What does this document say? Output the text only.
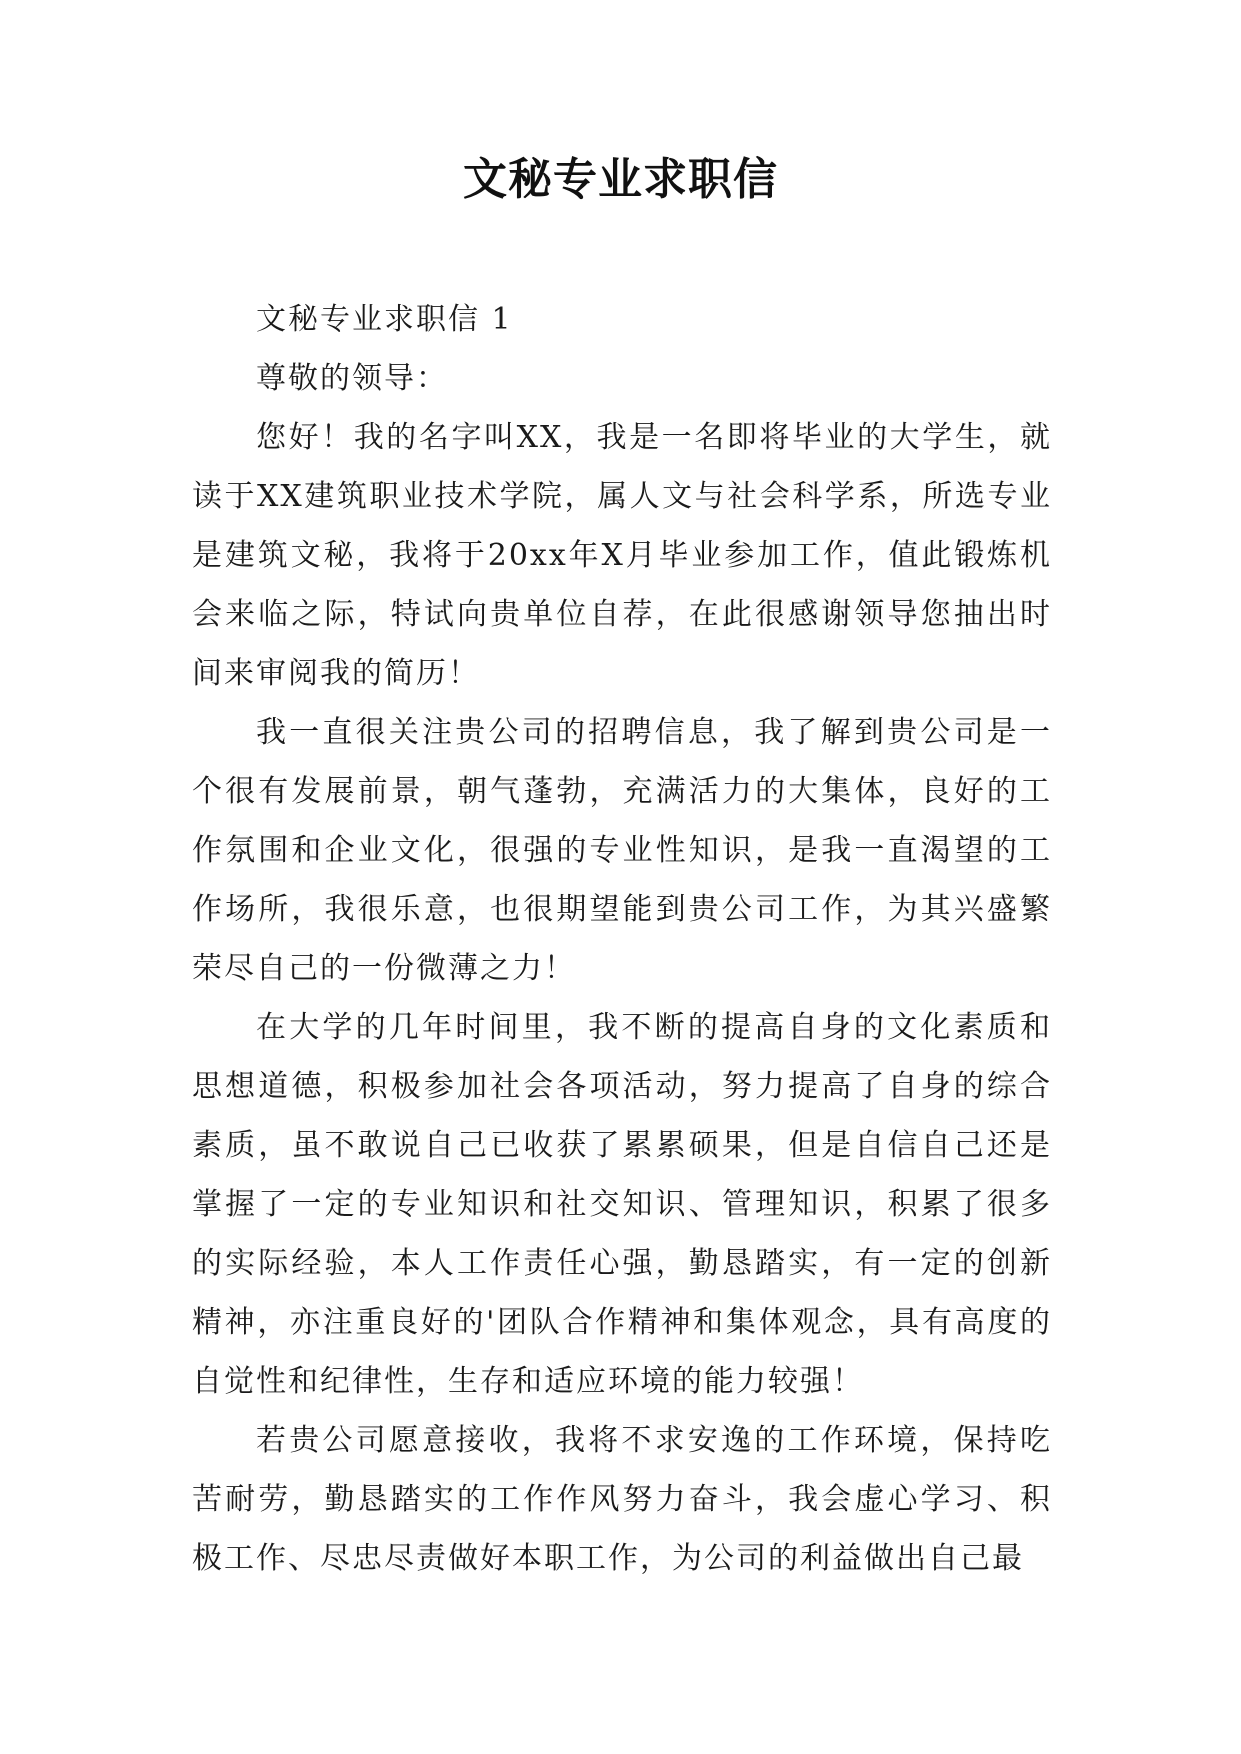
文秘专业求职信

文秘专业求职信 1

尊敬的领导：

您好！我的名字叫XX，我是一名即将毕业的大学生，就读于XX建筑职业技术学院，属人文与社会科学系，所选专业是建筑文秘，我将于20xx年X月毕业参加工作，值此锻炼机会来临之际，特试向贵单位自荐，在此很感谢领导您抽出时间来审阅我的简历！

我一直很关注贵公司的招聘信息，我了解到贵公司是一个很有发展前景，朝气蓬勃，充满活力的大集体，良好的工作氛围和企业文化，很强的专业性知识，是我一直渴望的工作场所，我很乐意，也很期望能到贵公司工作，为其兴盛繁荣尽自己的一份微薄之力！

在大学的几年时间里，我不断的提高自身的文化素质和思想道德，积极参加社会各项活动，努力提高了自身的综合素质，虽不敢说自己已收获了累累硕果，但是自信自己还是掌握了一定的专业知识和社交知识、管理知识，积累了很多的实际经验，本人工作责任心强，勤恳踏实，有一定的创新精神，亦注重良好的'团队合作精神和集体观念，具有高度的自觉性和纪律性，生存和适应环境的能力较强！

若贵公司愿意接收，我将不求安逸的工作环境，保持吃苦耐劳，勤恳踏实的工作作风努力奋斗，我会虚心学习、积极工作、尽忠尽责做好本职工作，为公司的利益做出自己最
